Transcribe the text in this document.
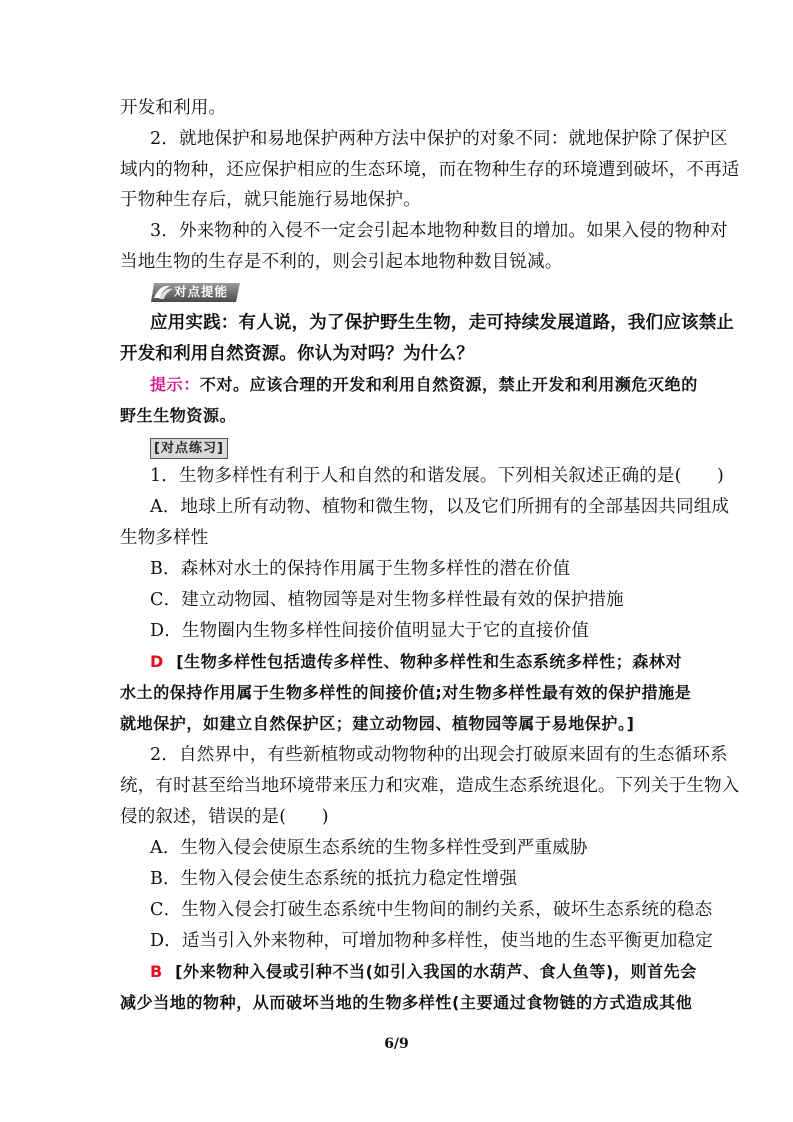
开发和利用。
2．就地保护和易地保护两种方法中保护的对象不同：就地保护除了保护区
域内的物种，还应保护相应的生态环境，而在物种生存的环境遭到破坏，不再适
于物种生存后，就只能施行易地保护。
3．外来物种的入侵不一定会引起本地物种数目的增加。如果入侵的物种对
当地生物的生存是不利的，则会引起本地物种数目锐减。
对点提能
应用实践：有人说，为了保护野生生物，走可持续发展道路，我们应该禁止
开发和利用自然资源。你认为对吗？为什么？
提示：不对。应该合理的开发和利用自然资源，禁止开发和利用濒危灭绝的
野生生物资源。
[对点练习]
1．生物多样性有利于人和自然的和谐发展。下列相关叙述正确的是(　　)
A．地球上所有动物、植物和微生物，以及它们所拥有的全部基因共同组成
生物多样性
B．森林对水土的保持作用属于生物多样性的潜在价值
C．建立动物园、植物园等是对生物多样性最有效的保护措施
D．生物圈内生物多样性间接价值明显大于它的直接价值
D [生物多样性包括遗传多样性、物种多样性和生态系统多样性；森林对
水土的保持作用属于生物多样性的间接价值;对生物多样性最有效的保护措施是
就地保护，如建立自然保护区；建立动物园、植物园等属于易地保护。]
2．自然界中，有些新植物或动物物种的出现会打破原来固有的生态循环系
统，有时甚至给当地环境带来压力和灾难，造成生态系统退化。下列关于生物入
侵的叙述，错误的是(　　)
A．生物入侵会使原生态系统的生物多样性受到严重威胁
B．生物入侵会使生态系统的抵抗力稳定性增强
C．生物入侵会打破生态系统中生物间的制约关系，破坏生态系统的稳态
D．适当引入外来物种，可增加物种多样性，使当地的生态平衡更加稳定
B [外来物种入侵或引种不当(如引入我国的水葫芦、食人鱼等)，则首先会
减少当地的物种，从而破坏当地的生物多样性(主要通过食物链的方式造成其他
6/9
